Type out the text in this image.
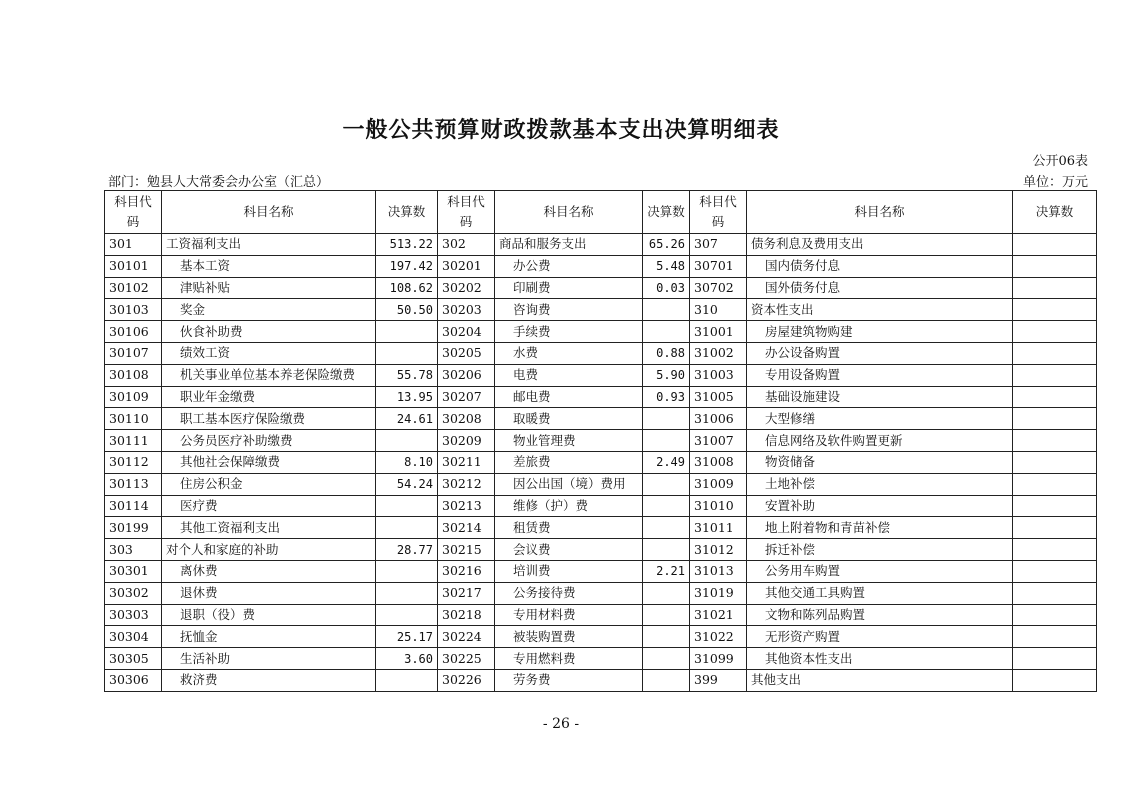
一般公共预算财政拨款基本支出决算明细表
公开06表
部门：勉县人大常委会办公室（汇总）	单位：万元
科目代码	科目名称	决算数	科目代码	科目名称	决算数	科目代码	科目名称	决算数
301	工资福利支出	513.22	302	商品和服务支出	65.26	307	债务利息及费用支出	
30101	基本工资	197.42	30201	办公费	5.48	30701	国内债务付息	
30102	津贴补贴	108.62	30202	印刷费	0.03	30702	国外债务付息	
30103	奖金	50.50	30203	咨询费		310	资本性支出	
30106	伙食补助费		30204	手续费		31001	房屋建筑物购建	
30107	绩效工资		30205	水费	0.88	31002	办公设备购置	
30108	机关事业单位基本养老保险缴费	55.78	30206	电费	5.90	31003	专用设备购置	
30109	职业年金缴费	13.95	30207	邮电费	0.93	31005	基础设施建设	
30110	职工基本医疗保险缴费	24.61	30208	取暖费		31006	大型修缮	
30111	公务员医疗补助缴费		30209	物业管理费		31007	信息网络及软件购置更新	
30112	其他社会保障缴费	8.10	30211	差旅费	2.49	31008	物资储备	
30113	住房公积金	54.24	30212	因公出国（境）费用		31009	土地补偿	
30114	医疗费		30213	维修（护）费		31010	安置补助	
30199	其他工资福利支出		30214	租赁费		31011	地上附着物和青苗补偿	
303	对个人和家庭的补助	28.77	30215	会议费		31012	拆迁补偿	
30301	离休费		30216	培训费	2.21	31013	公务用车购置	
30302	退休费		30217	公务接待费		31019	其他交通工具购置	
30303	退职（役）费		30218	专用材料费		31021	文物和陈列品购置	
30304	抚恤金	25.17	30224	被装购置费		31022	无形资产购置	
30305	生活补助	3.60	30225	专用燃料费		31099	其他资本性支出	
30306	救济费		30226	劳务费		399	其他支出	
- 26 -
